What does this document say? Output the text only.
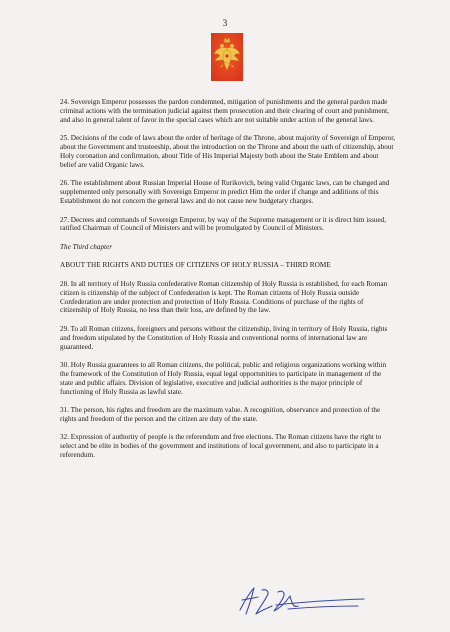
3

24. Sovereign Emperor possesses the pardon condemned, mitigation of punishments and the general pardon made criminal actions with the termination judicial against them prosecution and their clearing of court and punishment, and also in general talent of favor in the special cases which are not suitable under action of the general laws.

25. Decisions of the code of laws about the order of heritage of the Throne, about majority of Sovereign of Emperor, about the Government and trusteeship, about the introduction on the Throne and about the oath of citizenship, about Holy coronation and confirmation, about Title of His Imperial Majesty both about the State Emblem and about belief are valid Organic laws.

26. The establishment about Russian Imperial House of Rurikovich, being valid Organic laws, can be changed and supplemented only personally with Sovereign Emperor in predict Him the order if change and additions of this Establishment do not concern the general laws and do not cause new budgetary charges.

27. Decrees and commands of Sovereign Emperor, by way of the Supreme management or it is direct him issued, ratified Chairman of Council of Ministers and will be promulgated by Council of Ministers.

The Third chapter

ABOUT THE RIGHTS AND DUTIES OF CITIZENS OF HOLY RUSSIA – THIRD ROME

28. In all territory of Holy Russia confederative Roman citizenship of Holy Russia is established, for each Roman citizen is citizenship of the subject of Confederation is kept. The Roman citizens of Holy Russia outside Confederation are under protection and protection of Holy Russia. Conditions of purchase of the rights of citizenship of Holy Russia, no less than their loss, are defined by the law.

29. To all Roman citizens, foreigners and persons without the citizenship, living in territory of Holy Russia, rights and freedom stipulated by the Constitution of Holy Russia and conventional norms of international law are guaranteed.

30. Holy Russia guarantees to all Roman citizens, the political, public and religious organizations working within the framework of the Constitution of Holy Russia, equal legal opportunities to participate in management of the state and public affairs. Division of legislative, executive and judicial authorities is the major principle of functioning of Holy Russia as lawful state.

31. The person, his rights and freedom are the maximum value. A recognition, observance and protection of the rights and freedom of the person and the citizen are duty of the state.

32. Expression of authority of people is the referendum and free elections. The Roman citizens have the right to select and be elite in bodies of the government and institutions of local government, and also to participate in a referendum.
